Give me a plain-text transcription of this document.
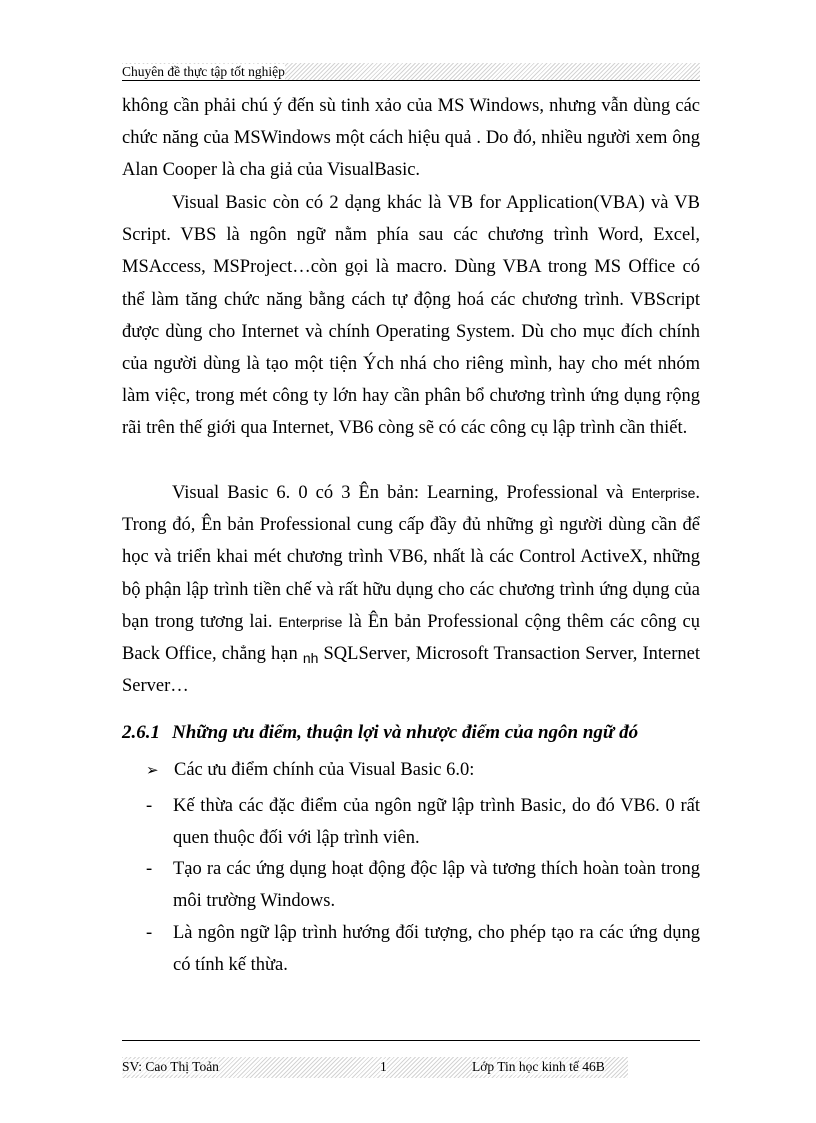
Chuyên đề thực tập tốt nghiệp

không cần phải chú ý đến sù tinh xảo của MS Windows, nhưng vẫn dùng các chức năng của MSWindows một cách hiệu quả . Do đó, nhiều người xem ông Alan Cooper là cha giả của VisualBasic.

Visual Basic còn có 2 dạng khác là VB for Application(VBA) và VB Script. VBS là ngôn ngữ nằm phía sau các chương trình Word, Excel, MSAccess, MSProject…còn gọi là macro. Dùng VBA trong MS Office có thể làm tăng chức năng bằng cách tự động hoá các chương trình. VBScript được dùng cho Internet và chính Operating System. Dù cho mục đích chính của người dùng là tạo một tiện Ých nhá cho riêng mình, hay cho mét nhóm làm việc, trong mét công ty lớn hay cần phân bổ chương trình ứng dụng rộng rãi trên thế giới qua Internet, VB6 còng sẽ có các công cụ lập trình cần thiết.

Visual Basic 6. 0 có 3 Ên bản: Learning, Professional và Enterprise. Trong đó, Ên bản Professional cung cấp đầy đủ những gì người dùng cần để học và triển khai mét chương trình VB6, nhất là các Control ActiveX, những bộ phận lập trình tiền chế và rất hữu dụng cho các chương trình ứng dụng của bạn trong tương lai. Enterprise là Ên bản Professional cộng thêm các công cụ Back Office, chẳng hạn $_{nh}$ SQLServer, Microsoft Transaction Server, Internet Server…

2.6.1 Những ưu điểm, thuận lợi và nhược điểm của ngôn ngữ đó
➢ Các ưu điểm chính của Visual Basic 6.0:
-	Kế thừa các đặc điểm của ngôn ngữ lập trình Basic, do đó VB6. 0 rất quen thuộc đối với lập trình viên.
-	Tạo ra các ứng dụng hoạt động độc lập và tương thích hoàn toàn trong môi trường Windows.
-	Là ngôn ngữ lập trình hướng đối tượng, cho phép tạo ra các ứng dụng có tính kế thừa.
SV: Cao Thị Toản	1	Lớp Tin học kinh tế 46B
